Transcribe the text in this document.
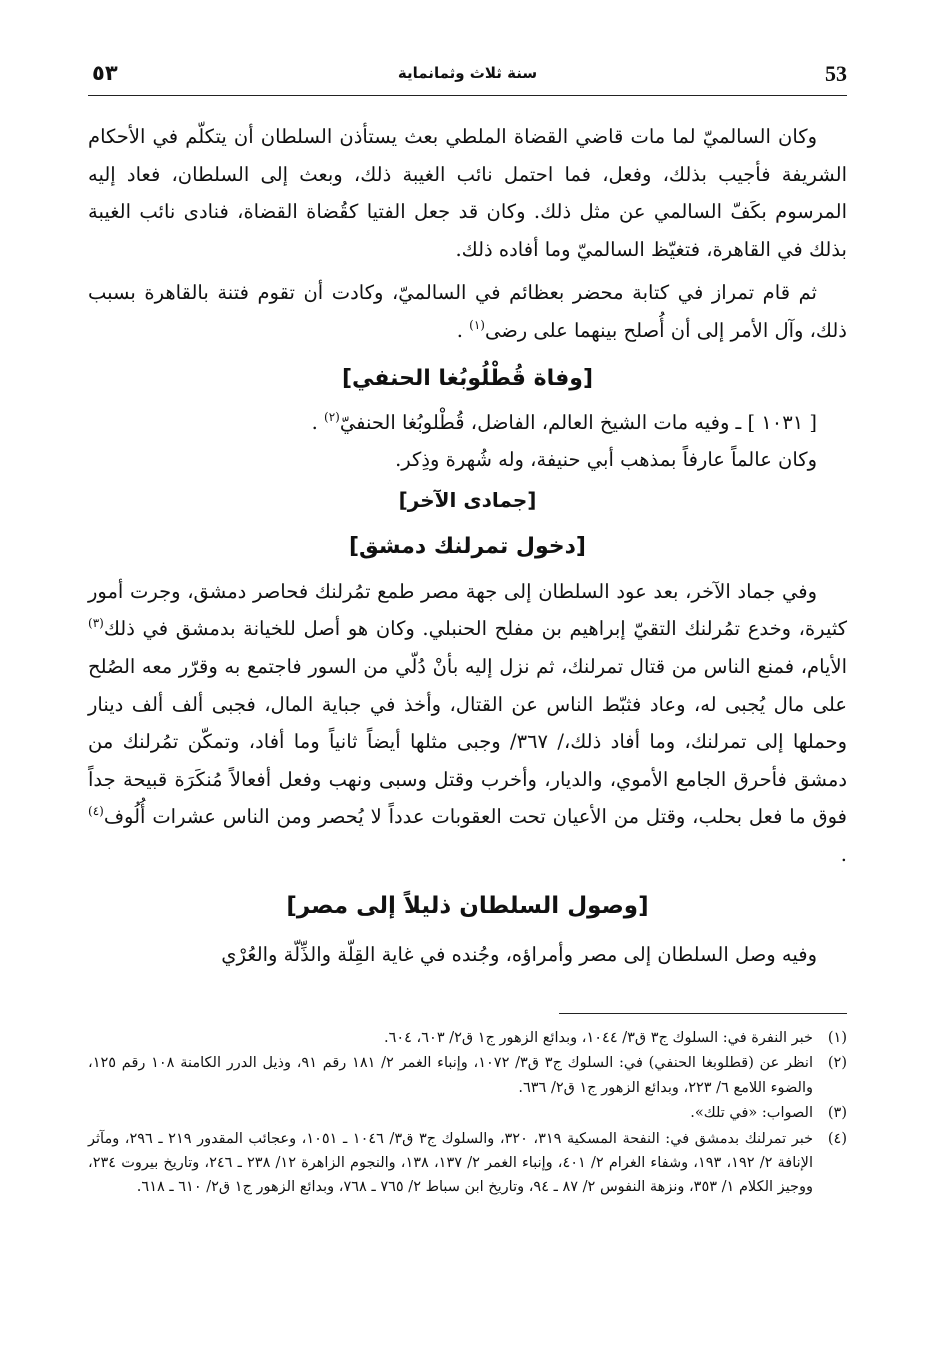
٥٣	سنة ثلاث وثمانماية	53

وكان السالميّ لما مات قاضي القضاة الملطي بعث يستأذن السلطان أن يتكلّم في الأحكام الشريفة فأجيب بذلك، وفعل، فما احتمل نائب الغيبة ذلك، وبعث إلى السلطان، فعاد إليه المرسوم بكَفّ السالمي عن مثل ذلك. وكان قد جعل الفتيا كقُضاة القضاة، فنادى نائب الغيبة بذلك في القاهرة، فتغيّظ السالميّ وما أفاده ذلك.

ثم قام تمراز في كتابة محضر بعظائم في السالميّ، وكادت أن تقوم فتنة بالقاهرة بسبب ذلك، وآل الأمر إلى أن أُصلح بينهما على رضى$^{(١)}$ .

[وفاة قُطْلُوبُغا الحنفي]

[ ١٠٣١ ] ـ وفيه مات الشيخ العالم، الفاضل، قُطْلوبُغا الحنفيّ$^{(٢)}$ .

وكان عالماً عارفاً بمذهب أبي حنيفة، وله شُهرة وذِكر.

[جمادى الآخر]

[دخول تمرلنك دمشق]

وفي جماد الآخر، بعد عود السلطان إلى جهة مصر طمع تمُرلنك فحاصر دمشق، وجرت أمور كثيرة، وخدع تمُرلنك التقيّ إبراهيم بن مفلح الحنبلي. وكان هو أصل للخيانة بدمشق في ذلك$^{(٣)}$ الأيام، فمنع الناس من قتال تمرلنك، ثم نزل إليه بأنْ دُلّي من السور فاجتمع به وقرّر معه الصُلح على مال يُجبى له، وعاد فثبّط الناس عن القتال، وأخذ في جباية المال، فجبى ألف ألف دينار وحملها إلى تمرلنك، وما أفاد ذلك،/ ٣٦٧/ وجبى مثلها أيضاً ثانياً وما أفاد، وتمكّن تمُرلنك من دمشق فأحرق الجامع الأموي، والديار، وأخرب وقتل وسبى ونهب وفعل أفعالاً مُنكَرَة قبيحة جداً فوق ما فعل بحلب، وقتل من الأعيان تحت العقوبات عدداً لا يُحصر ومن الناس عشرات أُلُوف$^{(٤)}$ .

[وصول السلطان ذليلاً إلى مصر]

وفيه وصل السلطان إلى مصر وأمراؤه، وجُنده في غاية القِلّة والذِّلّة والعُرْي

(١)
خبر النفرة في: السلوك ج٣ ق٣/ ١٠٤٤، وبدائع الزهور ج١ ق٢/ ٦٠٣، ٦٠٤.
(٢)
انظر عن (قطلوبغا الحنفي) في: السلوك ج٣ ق٣/ ١٠٧٢، وإنباء الغمر ٢/ ١٨١ رقم ٩١، وذيل الدرر الكامنة ١٠٨ رقم ١٢٥، والضوء اللامع ٦/ ٢٢٣، وبدائع الزهور ج١ ق٢/ ٦٣٦.
(٣)
الصواب: «في تلك».
(٤)
خبر تمرلنك بدمشق في: النفحة المسكية ٣١٩، ٣٢٠، والسلوك ج٣ ق٣/ ١٠٤٦ ـ ١٠٥١، وعجائب المقدور ٢١٩ ـ ٢٩٦، ومآثر الإنافة ٢/ ١٩٢، ١٩٣، وشفاء الغرام ٢/ ٤٠١، وإنباء الغمر ٢/ ١٣٧، ١٣٨، والنجوم الزاهرة ١٢/ ٢٣٨ ـ ٢٤٦، وتاريخ بيروت ٢٣٤، ووجيز الكلام ١/ ٣٥٣، ونزهة النفوس ٢/ ٨٧ ـ ٩٤، وتاريخ ابن سباط ٢/ ٧٦٥ ـ ٧٦٨، وبدائع الزهور ج١ ق٢/ ٦١٠ ـ ٦١٨.
